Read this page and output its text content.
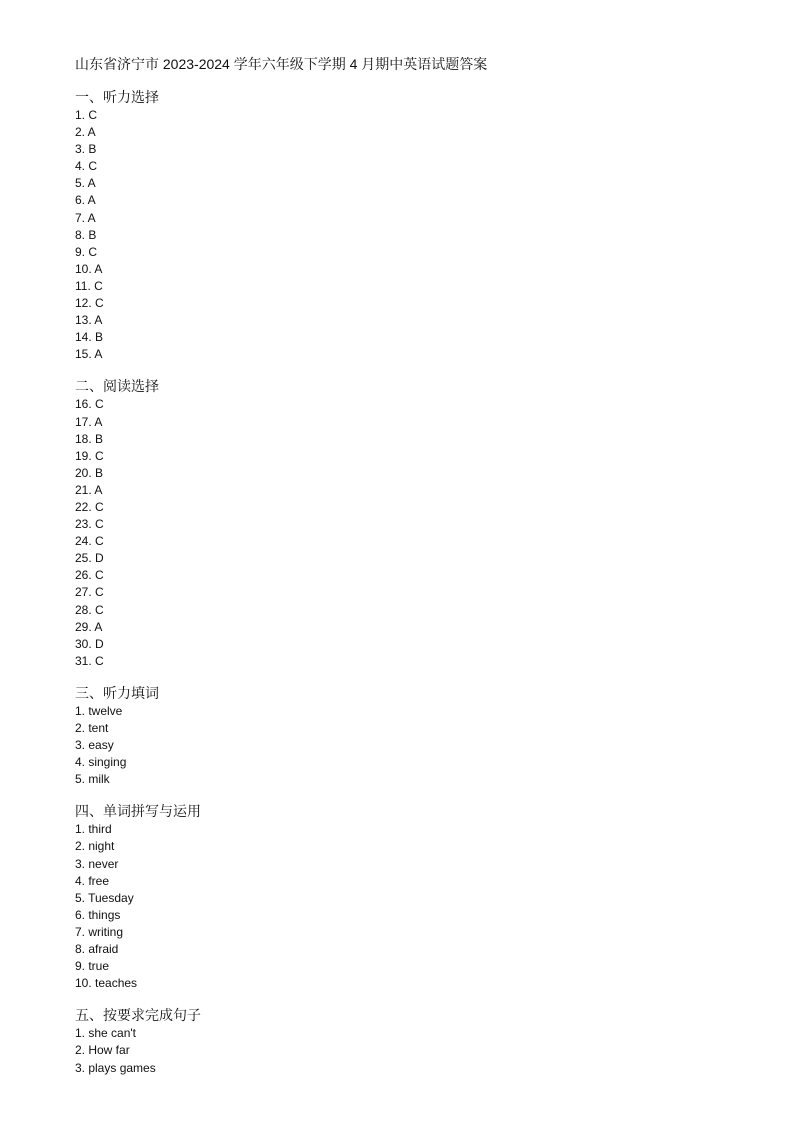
山东省济宁市 2023-2024 学年六年级下学期 4 月期中英语试题答案
一、听力选择
1. C
2. A
3. B
4. C
5. A
6. A
7. A
8. B
9. C
10. A
11. C
12. C
13. A
14. B
15. A
二、阅读选择
16. C
17. A
18. B
19. C
20. B
21. A
22. C
23. C
24. C
25. D
26. C
27. C
28. C
29. A
30. D
31. C
三、听力填词
1. twelve
2. tent
3. easy
4. singing
5. milk
四、单词拼写与运用
1. third
2. night
3. never
4. free
5. Tuesday
6. things
7. writing
8. afraid
9. true
10. teaches
五、按要求完成句子
1. she can't
2. How far
3. plays games
